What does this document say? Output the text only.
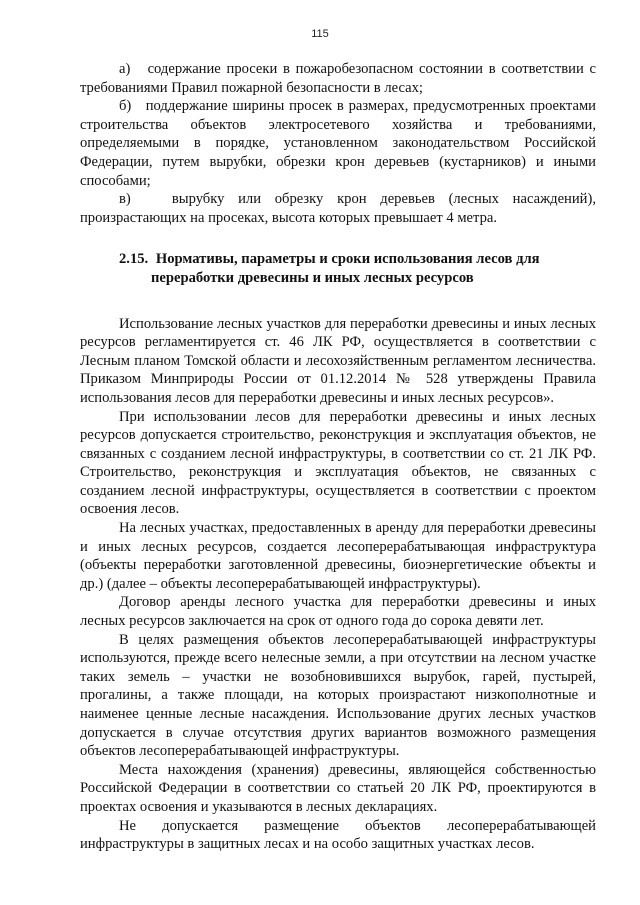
115

а) содержание просеки в пожаробезопасном состоянии в соответствии с требованиями Правил пожарной безопасности в лесах;

б) поддержание ширины просек в размерах, предусмотренных проектами строительства объектов электросетевого хозяйства и требованиями, определяемыми в порядке, установленном законодательством Российской Федерации, путем вырубки, обрезки крон деревьев (кустарников) и иными способами;

в)	вырубку или обрезку крон деревьев (лесных насаждений), произрастающих на просеках, высота которых превышает 4 метра.

2.15. Нормативы, параметры и сроки использования лесов для
переработки древесины и иных лесных ресурсов

Использование лесных участков для переработки древесины и иных лесных ресурсов регламентируется ст. 46 ЛК РФ, осуществляется в соответствии с Лесным планом Томской области и лесохозяйственным регламентом лесничества. Приказом Минприроды России от 01.12.2014 № 528 утверждены Правила использования лесов для переработки древесины и иных лесных ресурсов».

При использовании лесов для переработки древесины и иных лесных ресурсов допускается строительство, реконструкция и эксплуатация объектов, не связанных с созданием лесной инфраструктуры, в соответствии со ст. 21 ЛК РФ. Строительство, реконструкция и эксплуатация объектов, не связанных с созданием лесной инфраструктуры, осуществляется в соответствии с проектом освоения лесов.

На лесных участках, предоставленных в аренду для переработки древесины и иных лесных ресурсов, создается лесоперерабатывающая инфраструктура (объекты переработки заготовленной древесины, биоэнергетические объекты и др.) (далее – объекты лесоперерабатывающей инфраструктуры).

Договор аренды лесного участка для переработки древесины и иных лесных ресурсов заключается на срок от одного года до сорока девяти лет.

В целях размещения объектов лесоперерабатывающей инфраструктуры используются, прежде всего нелесные земли, а при отсутствии на лесном участке таких земель – участки не возобновившихся вырубок, гарей, пустырей, прогалины, а также площади, на которых произрастают низкополнотные и наименее ценные лесные насаждения. Использование других лесных участков допускается в случае отсутствия других вариантов возможного размещения объектов лесоперерабатывающей инфраструктуры.

Места нахождения (хранения) древесины, являющейся собственностью Российской Федерации в соответствии со статьей 20 ЛК РФ, проектируются в проектах освоения и указываются в лесных декларациях.

Не допускается размещение объектов лесоперерабатывающей инфраструктуры в защитных лесах и на особо защитных участках лесов.
